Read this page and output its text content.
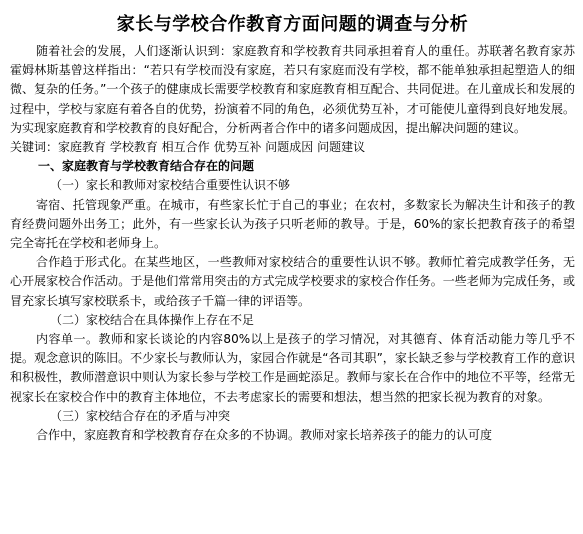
家长与学校合作教育方面问题的调查与分析

随着社会的发展，人们逐渐认识到：家庭教育和学校教育共同承担着育人的重任。苏联著名教育家苏霍姆林斯基曾这样指出：“若只有学校而没有家庭，若只有家庭而没有学校，都不能单独承担起塑造人的细微、复杂的任务。”一个孩子的健康成长需要学校教育和家庭教育相互配合、共同促进。在儿童成长和发展的过程中，学校与家庭有着各自的优势，扮演着不同的角色，必须优势互补，才可能使儿童得到良好地发展。为实现家庭教育和学校教育的良好配合，分析两者合作中的诸多问题成因，提出解决问题的建议。

关键词：家庭教育 学校教育 相互合作 优势互补 问题成因 问题建议

一、家庭教育与学校教育结合存在的问题

（一）家长和教师对家校结合重要性认识不够

寄宿、托管现象严重。在城市，有些家长忙于自己的事业；在农村，多数家长为解决生计和孩子的教育经费问题外出务工；此外，有一些家长认为孩子只听老师的教导。于是，60%的家长把教育孩子的希望完全寄托在学校和老师身上。

合作趋于形式化。在某些地区，一些教师对家校结合的重要性认识不够。教师忙着完成教学任务，无心开展家校合作活动。于是他们常常用突击的方式完成学校要求的家校合作任务。一些老师为完成任务，或冒充家长填写家校联系卡，或给孩子千篇一律的评语等。

（二）家校结合在具体操作上存在不足

内容单一。教师和家长谈论的内容80%以上是孩子的学习情况，对其德育、体育活动能力等几乎不提。观念意识的陈旧。不少家长与教师认为，家园合作就是“各司其职”，家长缺乏参与学校教育工作的意识和积极性，教师潜意识中则认为家长参与学校工作是画蛇添足。教师与家长在合作中的地位不平等，经常无视家长在家校合作中的教育主体地位，不去考虑家长的需要和想法，想当然的把家长视为教育的对象。

（三）家校结合存在的矛盾与冲突

合作中，家庭教育和学校教育存在众多的不协调。教师对家长培养孩子的能力的认可度
